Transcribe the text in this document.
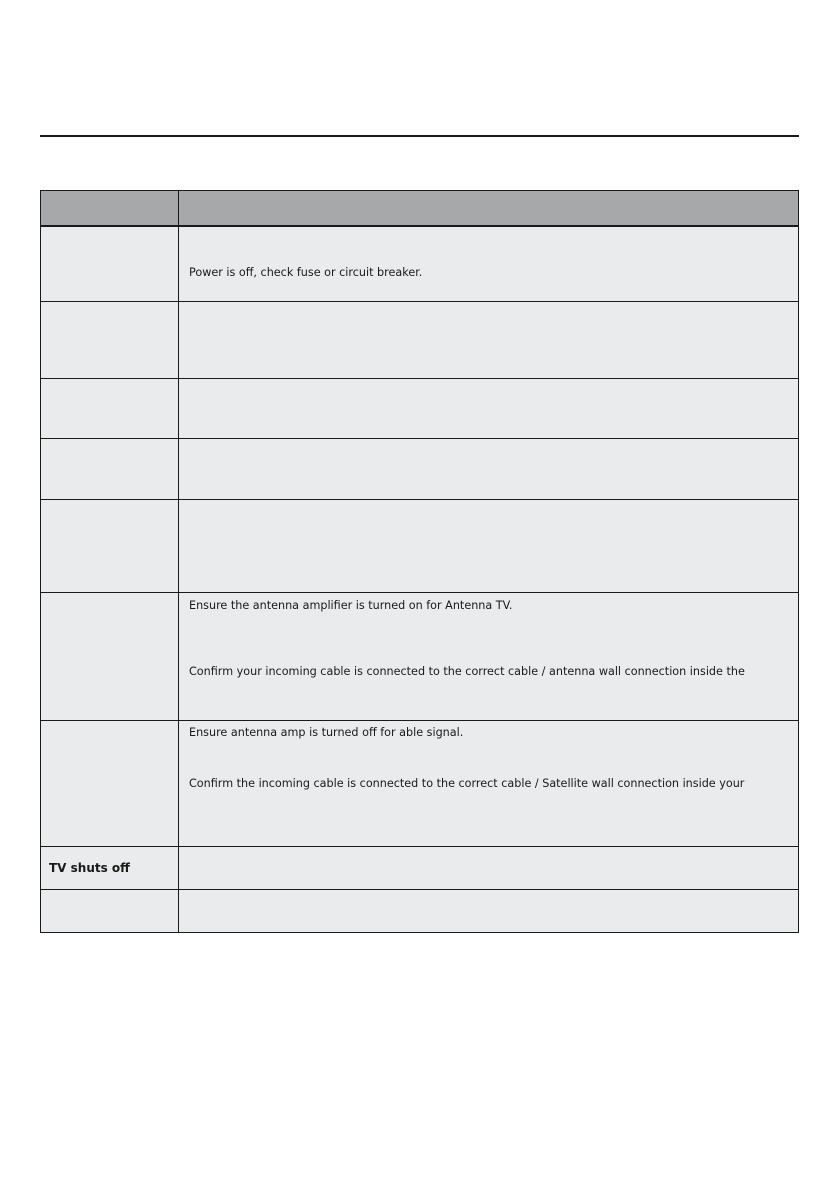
Power is off, check fuse or circuit breaker.
Ensure the antenna amplifier is turned on for Antenna TV.
Confirm your incoming cable is connected to the correct cable / antenna wall connection inside the
Ensure antenna amp is turned off for able signal.
Confirm the incoming cable is connected to the correct cable / Satellite wall connection inside your
TV shuts off
